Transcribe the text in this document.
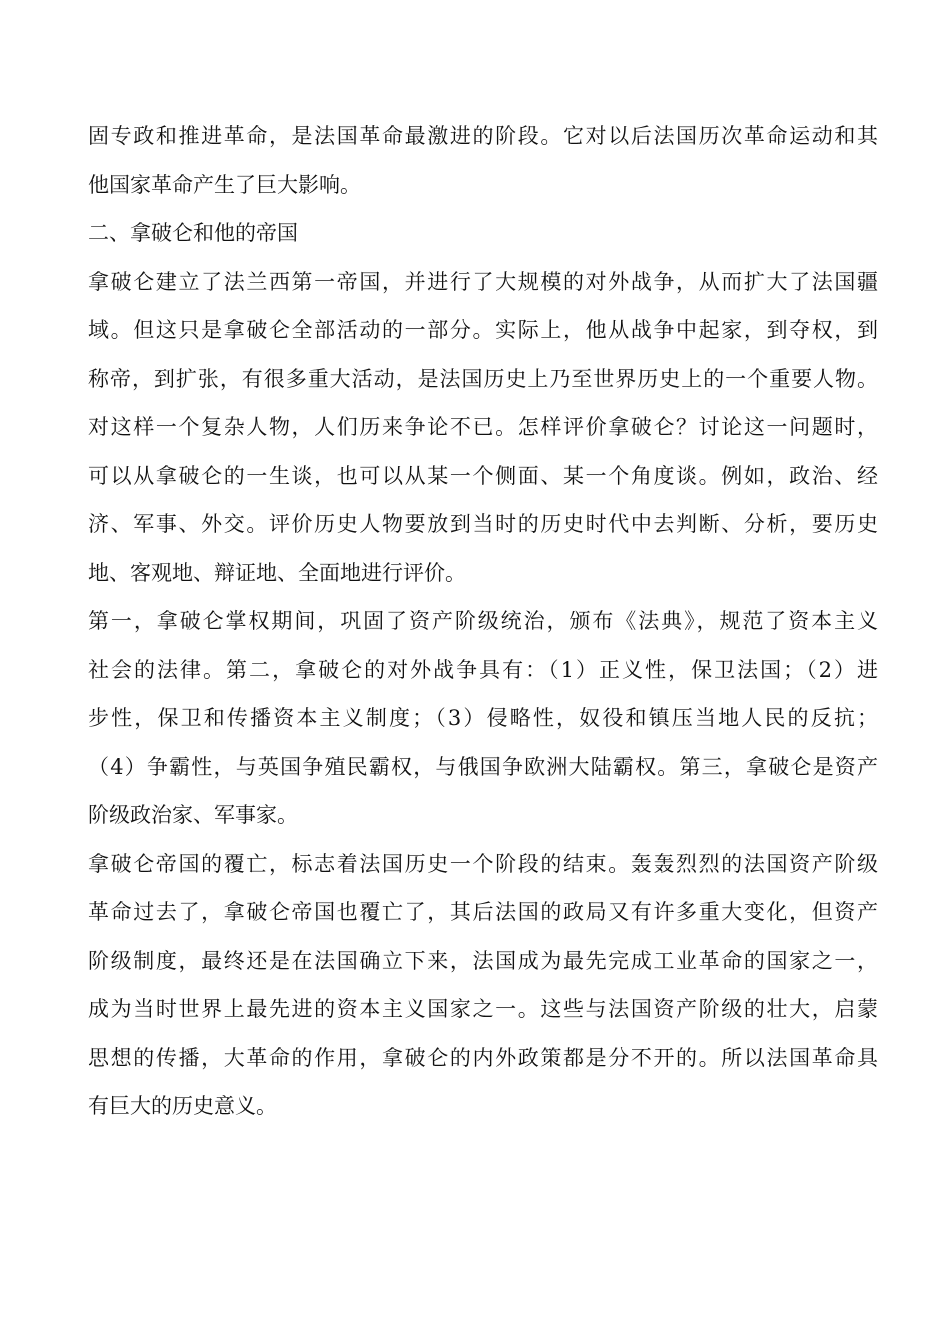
固专政和推进革命，是法国革命最激进的阶段。它对以后法国历次革命运动和其
他国家革命产生了巨大影响。
二、拿破仑和他的帝国
拿破仑建立了法兰西第一帝国，并进行了大规模的对外战争，从而扩大了法国疆
域。但这只是拿破仑全部活动的一部分。实际上，他从战争中起家，到夺权，到
称帝，到扩张，有很多重大活动，是法国历史上乃至世界历史上的一个重要人物。
对这样一个复杂人物，人们历来争论不已。怎样评价拿破仑？讨论这一问题时，
可以从拿破仑的一生谈，也可以从某一个侧面、某一个角度谈。例如，政治、经
济、军事、外交。评价历史人物要放到当时的历史时代中去判断、分析，要历史
地、客观地、辩证地、全面地进行评价。
第一，拿破仑掌权期间，巩固了资产阶级统治，颁布《法典》，规范了资本主义
社会的法律。第二，拿破仑的对外战争具有：（1）正义性，保卫法国；（2）进
步性，保卫和传播资本主义制度；（3）侵略性，奴役和镇压当地人民的反抗；
（4）争霸性，与英国争殖民霸权，与俄国争欧洲大陆霸权。第三，拿破仑是资产
阶级政治家、军事家。
拿破仑帝国的覆亡，标志着法国历史一个阶段的结束。轰轰烈烈的法国资产阶级
革命过去了，拿破仑帝国也覆亡了，其后法国的政局又有许多重大变化，但资产
阶级制度，最终还是在法国确立下来，法国成为最先完成工业革命的国家之一，
成为当时世界上最先进的资本主义国家之一。这些与法国资产阶级的壮大，启蒙
思想的传播，大革命的作用，拿破仑的内外政策都是分不开的。所以法国革命具
有巨大的历史意义。
